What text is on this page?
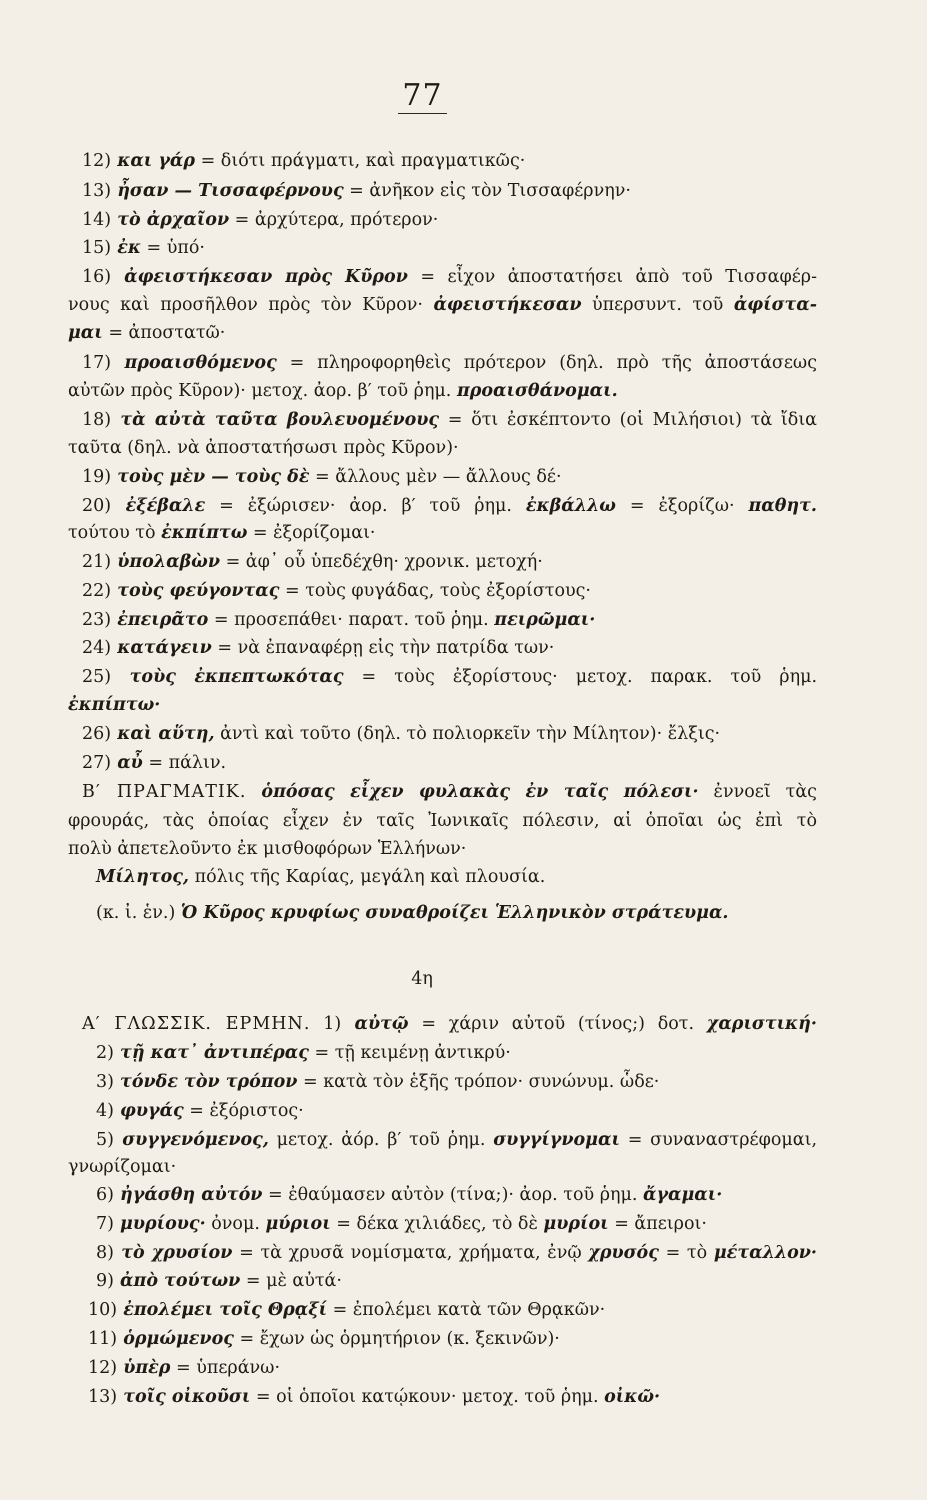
77
12) και γάρ = διότι πράγματι, καὶ πραγματικῶς·
13) ἦσαν — Τισσαφέρνους = ἀνῆκον εἰς τὸν Τισσαφέρνην·
14) τὸ ἀρχαῖον = ἀρχύτερα, πρότερον·
15) ἐκ = ὑπό·
16) ἀφειστήκεσαν πρὸς Κῦρον = εἶχον ἀποστατήσει ἀπὸ τοῦ Τισσαφέρ-
νους καὶ προσῆλθον πρὸς τὸν Κῦρον· ἀφειστήκεσαν ὑπερσυντ. τοῦ ἀφίστα-
μαι = ἀποστατῶ·
17) προαισθόμενος = πληροφορηθεὶς πρότερον (δηλ. πρὸ τῆς ἀποστάσεως
αὐτῶν πρὸς Κῦρον)· μετοχ. ἀορ. β′ τοῦ ῥημ. προαισθάνομαι.
18) τὰ αὐτὰ ταῦτα βουλευομένους = ὅτι ἐσκέπτοντο (οἱ Μιλήσιοι) τὰ ἴδια
ταῦτα (δηλ. νὰ ἀποστατήσωσι πρὸς Κῦρον)·
19) τοὺς μὲν — τοὺς δὲ = ἄλλους μὲν — ἄλλους δέ·
20) ἐξέβαλε = ἐξώρισεν· ἀορ. β′ τοῦ ῥημ. ἐκβάλλω = ἐξορίζω· παθητ.
τούτου τὸ ἐκπίπτω = ἐξορίζομαι·
21) ὑπολαβὼν = ἀφ᾽ οὗ ὑπεδέχθη· χρονικ. μετοχή·
22) τοὺς φεύγοντας = τοὺς φυγάδας, τοὺς ἐξορίστους·
23) ἐπειρᾶτο = προσεπάθει· παρατ. τοῦ ῥημ. πειρῶμαι·
24) κατάγειν = νὰ ἐπαναφέρῃ εἰς τὴν πατρίδα των·
25) τοὺς ἐκπεπτωκότας = τοὺς ἐξορίστους· μετοχ. παρακ. τοῦ ῥημ.
ἐκπίπτω·
26) καὶ αὕτη, ἀντὶ καὶ τοῦτο (δηλ. τὸ πολιορκεῖν τὴν Μίλητον)· ἔλξις·
27) αὖ = πάλιν.
Β′ ΠΡΑΓΜΑΤΙΚ. ὁπόσας εἶχεν φυλακὰς ἐν ταῖς πόλεσι· ἐννοεῖ τὰς
φρουράς, τὰς ὁποίας εἶχεν ἐν ταῖς Ἰωνικαῖς πόλεσιν, αἱ ὁποῖαι ὡς ἐπὶ τὸ
πολὺ ἀπετελοῦντο ἐκ μισθοφόρων Ἑλλήνων·
Μίλητος, πόλις τῆς Καρίας, μεγάλη καὶ πλουσία.
(κ. ἰ. ἑν.) Ὁ Κῦρος κρυφίως συναθροίζει Ἑλληνικὸν στράτευμα.
4η
Α′ ΓΛΩΣΣΙΚ. ΕΡΜΗΝ. 1) αὐτῷ = χάριν αὐτοῦ (τίνος;) δοτ. χαριστική·
2) τῇ κατ᾽ ἀντιπέρας = τῇ κειμένῃ ἀντικρύ·
3) τόνδε τὸν τρόπον = κατὰ τὸν ἑξῆς τρόπον· συνώνυμ. ὧδε·
4) φυγάς = ἐξόριστος·
5) συγγενόμενος, μετοχ. ἀόρ. β′ τοῦ ῥημ. συγγίγνομαι = συναναστρέφομαι,
γνωρίζομαι·
6) ἠγάσθη αὐτόν = ἐθαύμασεν αὐτὸν (τίνα;)· ἀορ. τοῦ ῥημ. ἄγαμαι·
7) μυρίους· ὀνομ. μύριοι = δέκα χιλιάδες, τὸ δὲ μυρίοι = ἄπειροι·
8) τὸ χρυσίον = τὰ χρυσᾶ νομίσματα, χρήματα, ἐνῷ χρυσός = τὸ μέταλλον·
9) ἀπὸ τούτων = μὲ αὐτά·
10) ἐπολέμει τοῖς Θρᾳξί = ἐπολέμει κατὰ τῶν Θρᾳκῶν·
11) ὁρμώμενος = ἔχων ὡς ὁρμητήριον (κ. ξεκινῶν)·
12) ὑπὲρ = ὑπεράνω·
13) τοῖς οἰκοῦσι = οἱ ὁποῖοι κατῴκουν· μετοχ. τοῦ ῥημ. οἰκῶ·
